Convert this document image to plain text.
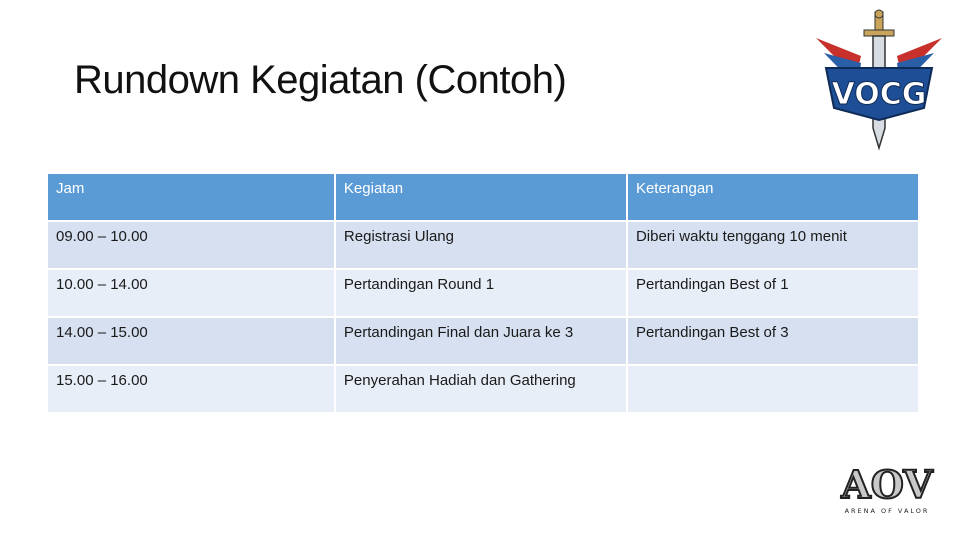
Rundown Kegiatan (Contoh)	VOCG
Jam	Kegiatan	Keterangan
09.00 – 10.00	Registrasi Ulang	Diberi waktu tenggang 10 menit
10.00 – 14.00	Pertandingan Round 1	Pertandingan Best of 1
14.00 – 15.00	Pertandingan Final dan Juara ke 3	Pertandingan Best of 3
15.00 – 16.00	Penyerahan Hadiah dan Gathering	
AOV
ARENA OF VALOR
